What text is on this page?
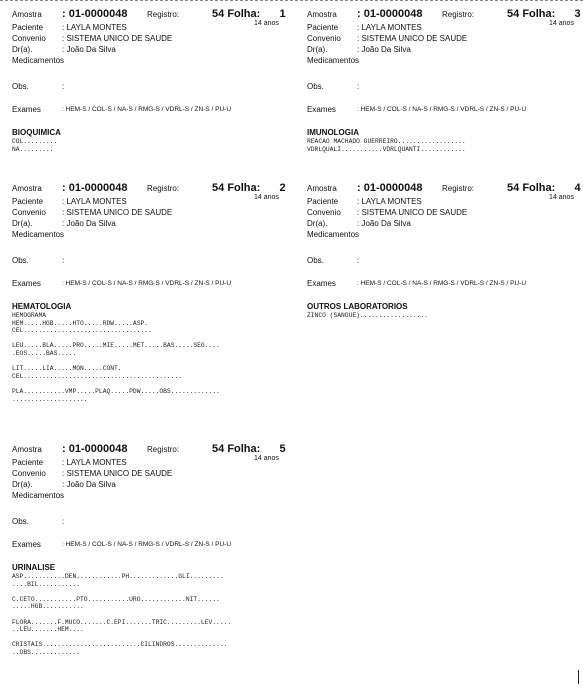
Amostra : 01-0000048 Registro:	54 Folha: 1
14 anos
Paciente : LAYLA MONTES
Convenio : SISTEMA UNICO DE SAUDE
Dr(a).	: João Da Silva
Medicamentos
Obs.	:
Exames	: HEM-S / COL-S / NA-S / RMG-S / VDRL-S / ZN-S / PU-U
BIOQUIMICA
COL.........
NA.........
Amostra : 01-0000048 Registro:	54 Folha: 3
14 anos
Paciente : LAYLA MONTES
Convenio : SISTEMA UNICO DE SAUDE
Dr(a).	: João Da Silva
Medicamentos
Obs.	:
Exames	: HEM-S / COL-S / NA-S / RMG-S / VDRL-S / ZN-S / PU-U
IMUNOLOGIA
REACAO MACHADO GUERREIRO..................
VDRLQUALI...........VDRLQUANTI............
Amostra : 01-0000048 Registro:	54 Folha: 2
14 anos
Paciente : LAYLA MONTES
Convenio : SISTEMA UNICO DE SAUDE
Dr(a).	: João Da Silva
Medicamentos
Obs.	:
Exames	: HEM-S / COL-S / NA-S / RMG-S / VDRL-S / ZN-S / PU-U
HEMATOLOGIA
HEMOGRAMA
HEM.....HGB.....HTO.....RDW.....ASP.
CEL..................................
LEU.....BLA.....PRO.....MIE.....MET.....BAS.....SEG....
.EOS.....BAS.....
LIT.....LIA.....MON.....CONT.
CEL..........................................
PLA...........VMP.....PLAQ.....PDW.....OBS.............
....................
Amostra : 01-0000048 Registro:	54 Folha: 4
14 anos
Paciente : LAYLA MONTES
Convenio : SISTEMA UNICO DE SAUDE
Dr(a).	: João Da Silva
Medicamentos
Obs.	:
Exames	: HEM-S / COL-S / NA-S / RMG-S / VDRL-S / ZN-S / PU-U
OUTROS LABORATORIOS
ZINCO (SANGUE)..................
Amostra : 01-0000048 Registro:	54 Folha: 5
14 anos
Paciente : LAYLA MONTES
Convenio : SISTEMA UNICO DE SAUDE
Dr(a).	: João Da Silva
Medicamentos
Obs.	:
Exames	: HEM-S / COL-S / NA-S / RMG-S / VDRL-S / ZN-S / PU-U
URINALISE
ASP...........DEN............PH.............GLI.........
....BIL...........
C.CETO...........PTO...........URO............NIT......
.....HGB...........
FLORA.......F.MUCO.......C.EPI.......TRIC.........LEV.....
..LEU.......HEM....
CRISTAIS..........................CILINDROS..............
..OBS.............
